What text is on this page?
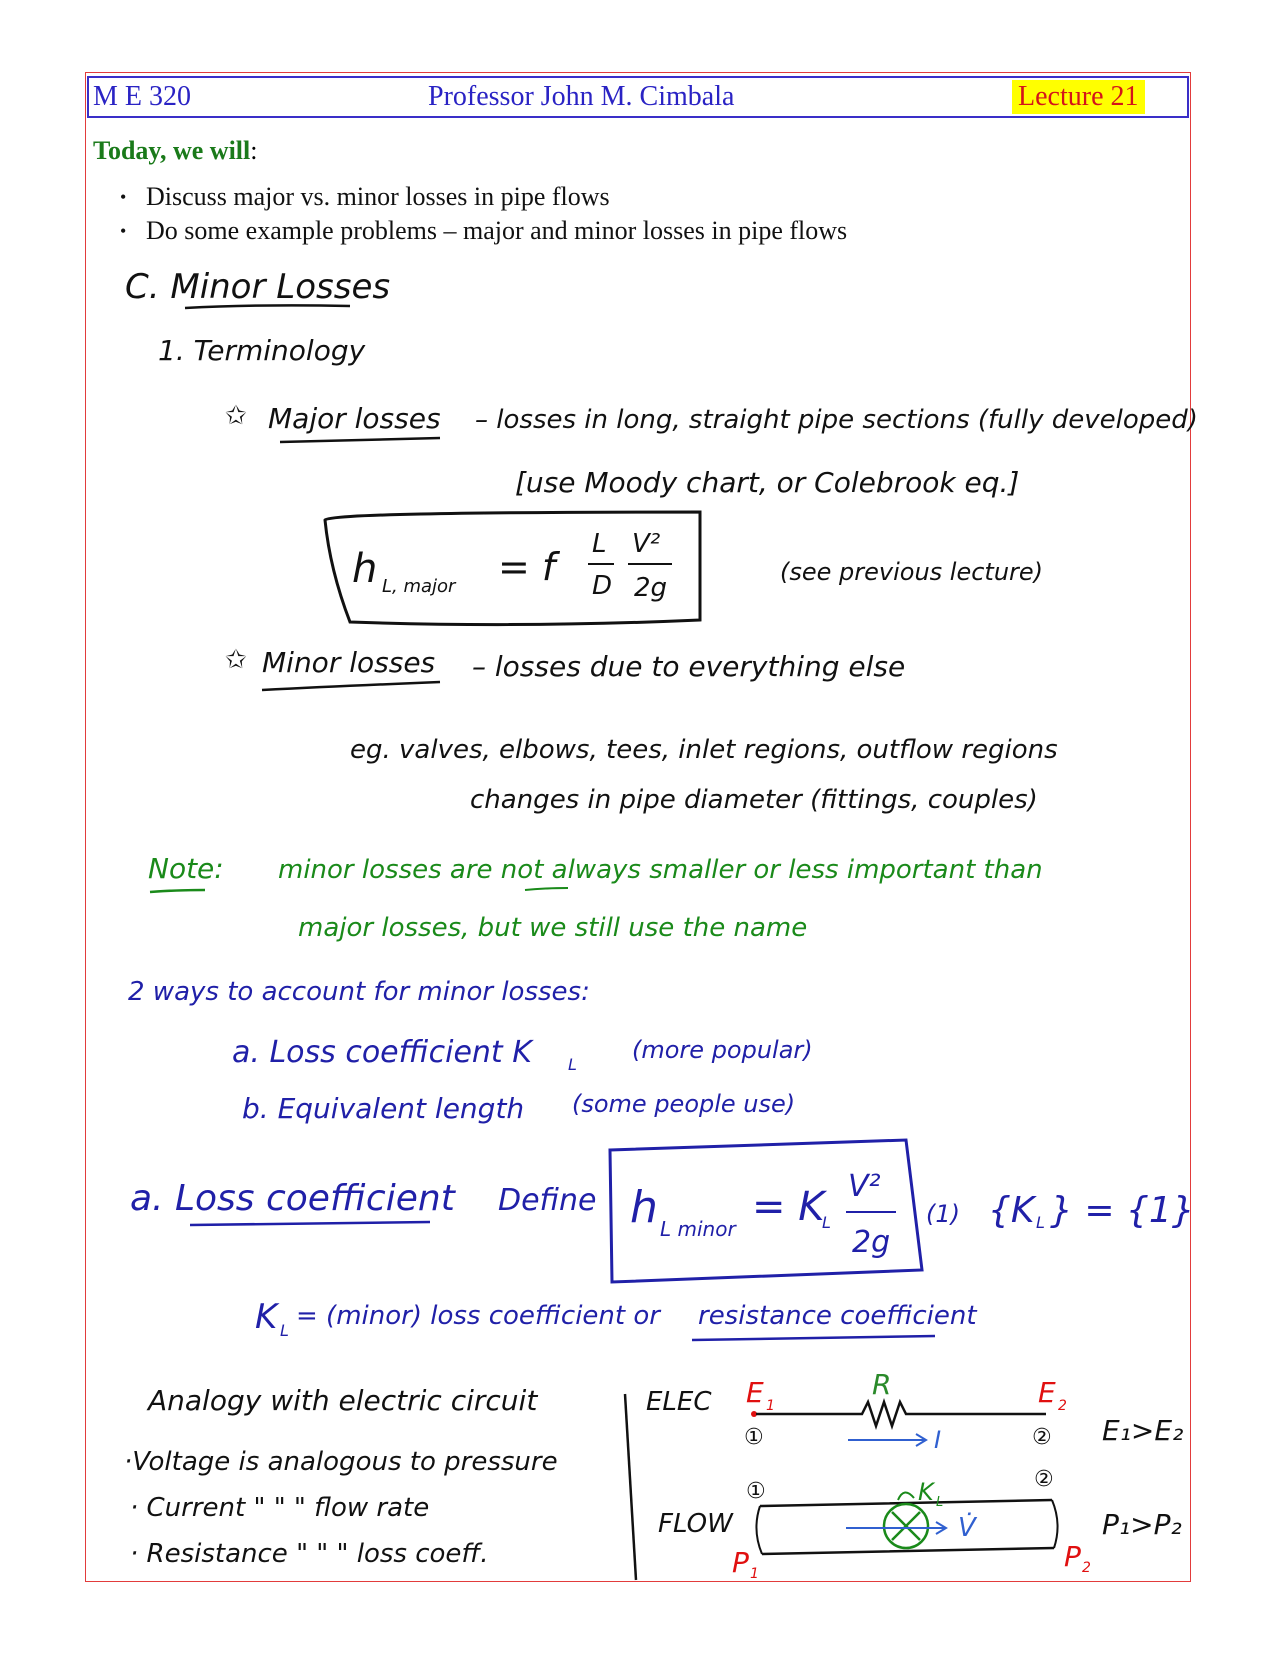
M E 320	Professor John M. Cimbala	Lecture 21
Today, we will:
• Discuss major vs. minor losses in pipe flows
• Do some example problems – major and minor losses in pipe flows
C. Minor Losses
1. Terminology
✩ Major losses – losses in long, straight pipe sections (fully developed)
[use Moody chart, or Colebrook eq.]
h L, major = f
L
D
V²
2g
(see previous lecture)
✩ Minor losses – losses due to everything else
eg. valves, elbows, tees, inlet regions, outflow regions
changes in pipe diameter (fittings, couples)
Note: minor losses are not always smaller or less important than
major losses, but we still use the name
2 ways to account for minor losses:
a. Loss coefficient K L
(more popular)
b. Equivalent length (some people use)
a. Loss coefficient Define h L minor = K
L
V²
2g
(1) {K L } = {1}
K L = (minor) loss coefficient or resistance coefficient
Analogy with electric circuit
·Voltage is analogous to pressure
· Current " " " flow rate
· Resistance " " " loss coeff.
ELEC E 1
R	E 2
①	②
I	E₁>E₂
①	②
FLOW
K L
V̇
P 1
P 2
P₁>P₂
